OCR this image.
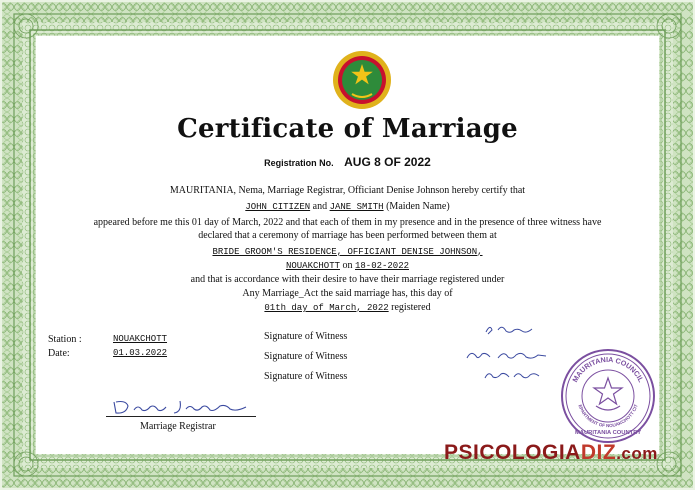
Certificate of Marriage
Registration No. AUG 8 OF 2022
MAURITANIA, Nema, Marriage Registrar, Officiant Denise Johnson hereby certify that
JOHN CITIZEN and JANE SMITH (Maiden Name)
appeared before me this 01 day of March, 2022 and that each of them in my presence and in the presence of three witness have
declared that a ceremony of marriage has been performed between them at
BRIDE GROOM'S RESIDENCE, OFFICIANT DENISE JOHNSON,
NOUAKCHOTT on 18-02-2022
and that is accordance with their desire to have their marriage registered under
Any Marriage_Act the said marriage has, this day of
01th day of March, 2022 registered
Station :	NOUAKCHOTT
Date:	01.03.2022
Signature of Witness
Signature of Witness
Signature of Witness
Marriage Registrar
MAURITANIA COUNCIL
EPARTMENT OF NOUAKCHOTT CIT
MAURITANIA COUNTRY
PSICOLOGIADIZ.com
